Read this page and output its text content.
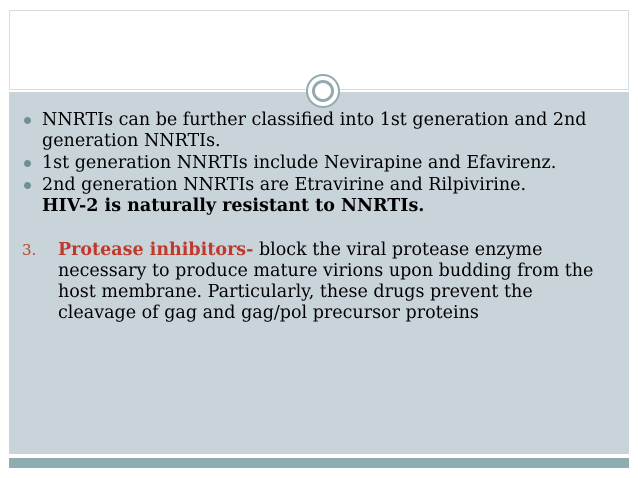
NNRTIs can be further classified into 1st generation and 2nd generation NNRTIs.
1st generation NNRTIs include Nevirapine and Efavirenz.
2nd generation NNRTIs are Etravirine and Rilpivirine.
HIV-2 is naturally resistant to NNRTIs.
3. Protease inhibitors- block the viral protease enzyme necessary to produce mature virions upon budding from the host membrane. Particularly, these drugs prevent the cleavage of gag and gag/pol precursor proteins
